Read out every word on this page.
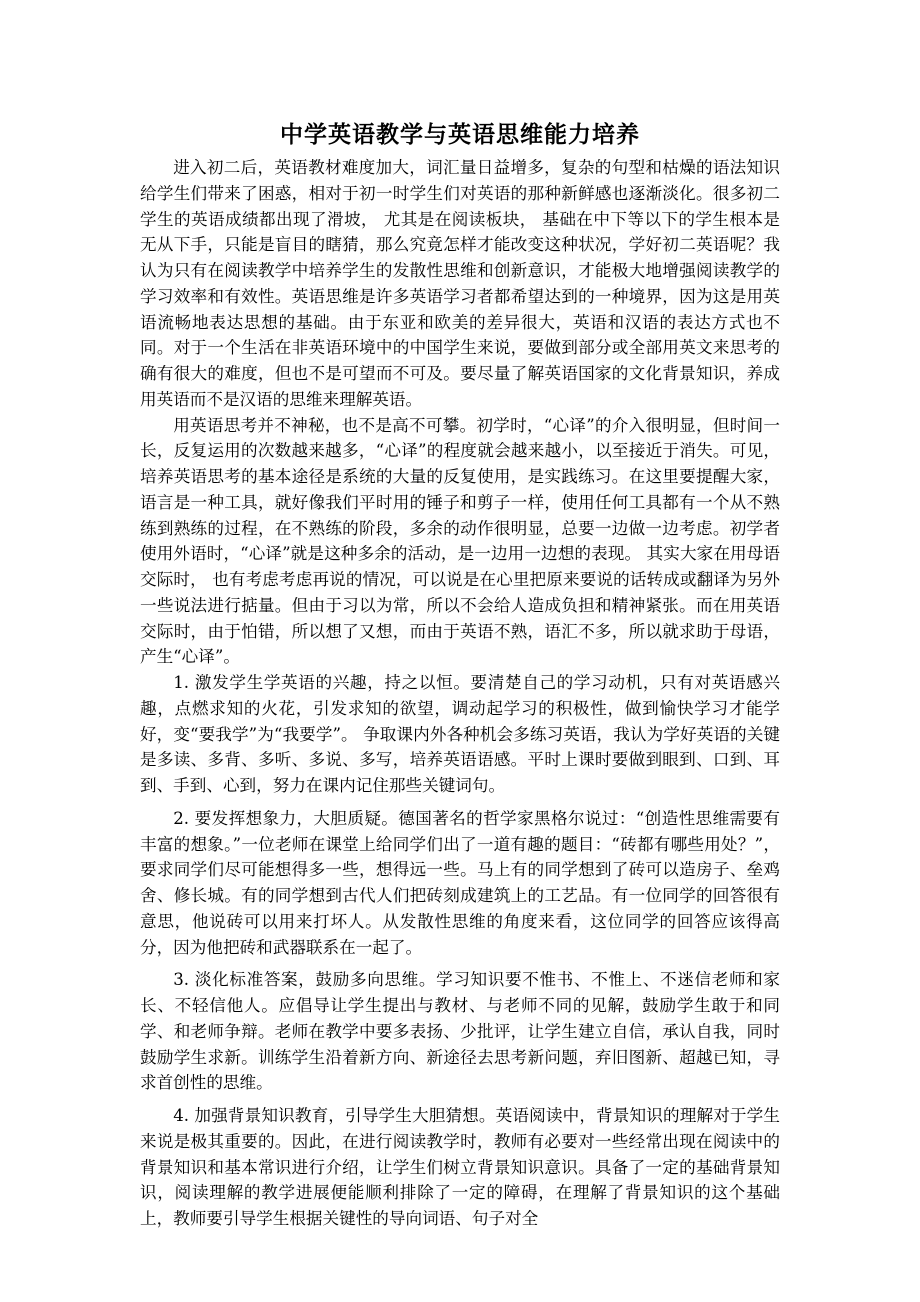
中学英语教学与英语思维能力培养

进入初二后，英语教材难度加大，词汇量日益增多，复杂的句型和枯燥的语法知识给学生们带来了困惑，相对于初一时学生们对英语的那种新鲜感也逐渐淡化。很多初二学生的英语成绩都出现了滑坡， 尤其是在阅读板块， 基础在中下等以下的学生根本是无从下手，只能是盲目的瞎猜，那么究竟怎样才能改变这种状况，学好初二英语呢？我认为只有在阅读教学中培养学生的发散性思维和创新意识，才能极大地增强阅读教学的学习效率和有效性。英语思维是许多英语学习者都希望达到的一种境界，因为这是用英语流畅地表达思想的基础。由于东亚和欧美的差异很大，英语和汉语的表达方式也不同。对于一个生活在非英语环境中的中国学生来说，要做到部分或全部用英文来思考的确有很大的难度，但也不是可望而不可及。要尽量了解英语国家的文化背景知识，养成用英语而不是汉语的思维来理解英语。

用英语思考并不神秘，也不是高不可攀。初学时，“心译”的介入很明显，但时间一长，反复运用的次数越来越多，“心译”的程度就会越来越小，以至接近于消失。可见，培养英语思考的基本途径是系统的大量的反复使用，是实践练习。在这里要提醒大家，语言是一种工具，就好像我们平时用的锤子和剪子一样，使用任何工具都有一个从不熟练到熟练的过程，在不熟练的阶段，多余的动作很明显，总要一边做一边考虑。初学者使用外语时，“心译”就是这种多余的活动，是一边用一边想的表现。 其实大家在用母语交际时， 也有考虑考虑再说的情况，可以说是在心里把原来要说的话转成或翻译为另外一些说法进行掂量。但由于习以为常，所以不会给人造成负担和精神紧张。而在用英语交际时，由于怕错，所以想了又想，而由于英语不熟，语汇不多，所以就求助于母语，产生“心译”。

1. 激发学生学英语的兴趣，持之以恒。要清楚自己的学习动机，只有对英语感兴趣，点燃求知的火花，引发求知的欲望，调动起学习的积极性，做到愉快学习才能学好，变“要我学”为“我要学”。 争取课内外各种机会多练习英语，我认为学好英语的关键是多读、多背、多听、多说、多写，培养英语语感。平时上课时要做到眼到、口到、耳到、手到、心到，努力在课内记住那些关键词句。

2. 要发挥想象力，大胆质疑。德国著名的哲学家黑格尔说过：“创造性思维需要有丰富的想象。”一位老师在课堂上给同学们出了一道有趣的题目：“砖都有哪些用处？”，要求同学们尽可能想得多一些，想得远一些。马上有的同学想到了砖可以造房子、垒鸡舍、修长城。有的同学想到古代人们把砖刻成建筑上的工艺品。有一位同学的回答很有意思，他说砖可以用来打坏人。从发散性思维的角度来看，这位同学的回答应该得高分，因为他把砖和武器联系在一起了。

3. 淡化标准答案，鼓励多向思维。学习知识要不惟书、不惟上、不迷信老师和家长、不轻信他人。应倡导让学生提出与教材、与老师不同的见解，鼓励学生敢于和同学、和老师争辩。老师在教学中要多表扬、少批评，让学生建立自信，承认自我，同时鼓励学生求新。训练学生沿着新方向、新途径去思考新问题，弃旧图新、超越已知，寻求首创性的思维。

4. 加强背景知识教育，引导学生大胆猜想。英语阅读中，背景知识的理解对于学生来说是极其重要的。因此，在进行阅读教学时，教师有必要对一些经常出现在阅读中的背景知识和基本常识进行介绍，让学生们树立背景知识意识。具备了一定的基础背景知识，阅读理解的教学进展便能顺利排除了一定的障碍，在理解了背景知识的这个基础上，教师要引导学生根据关键性的导向词语、句子对全
